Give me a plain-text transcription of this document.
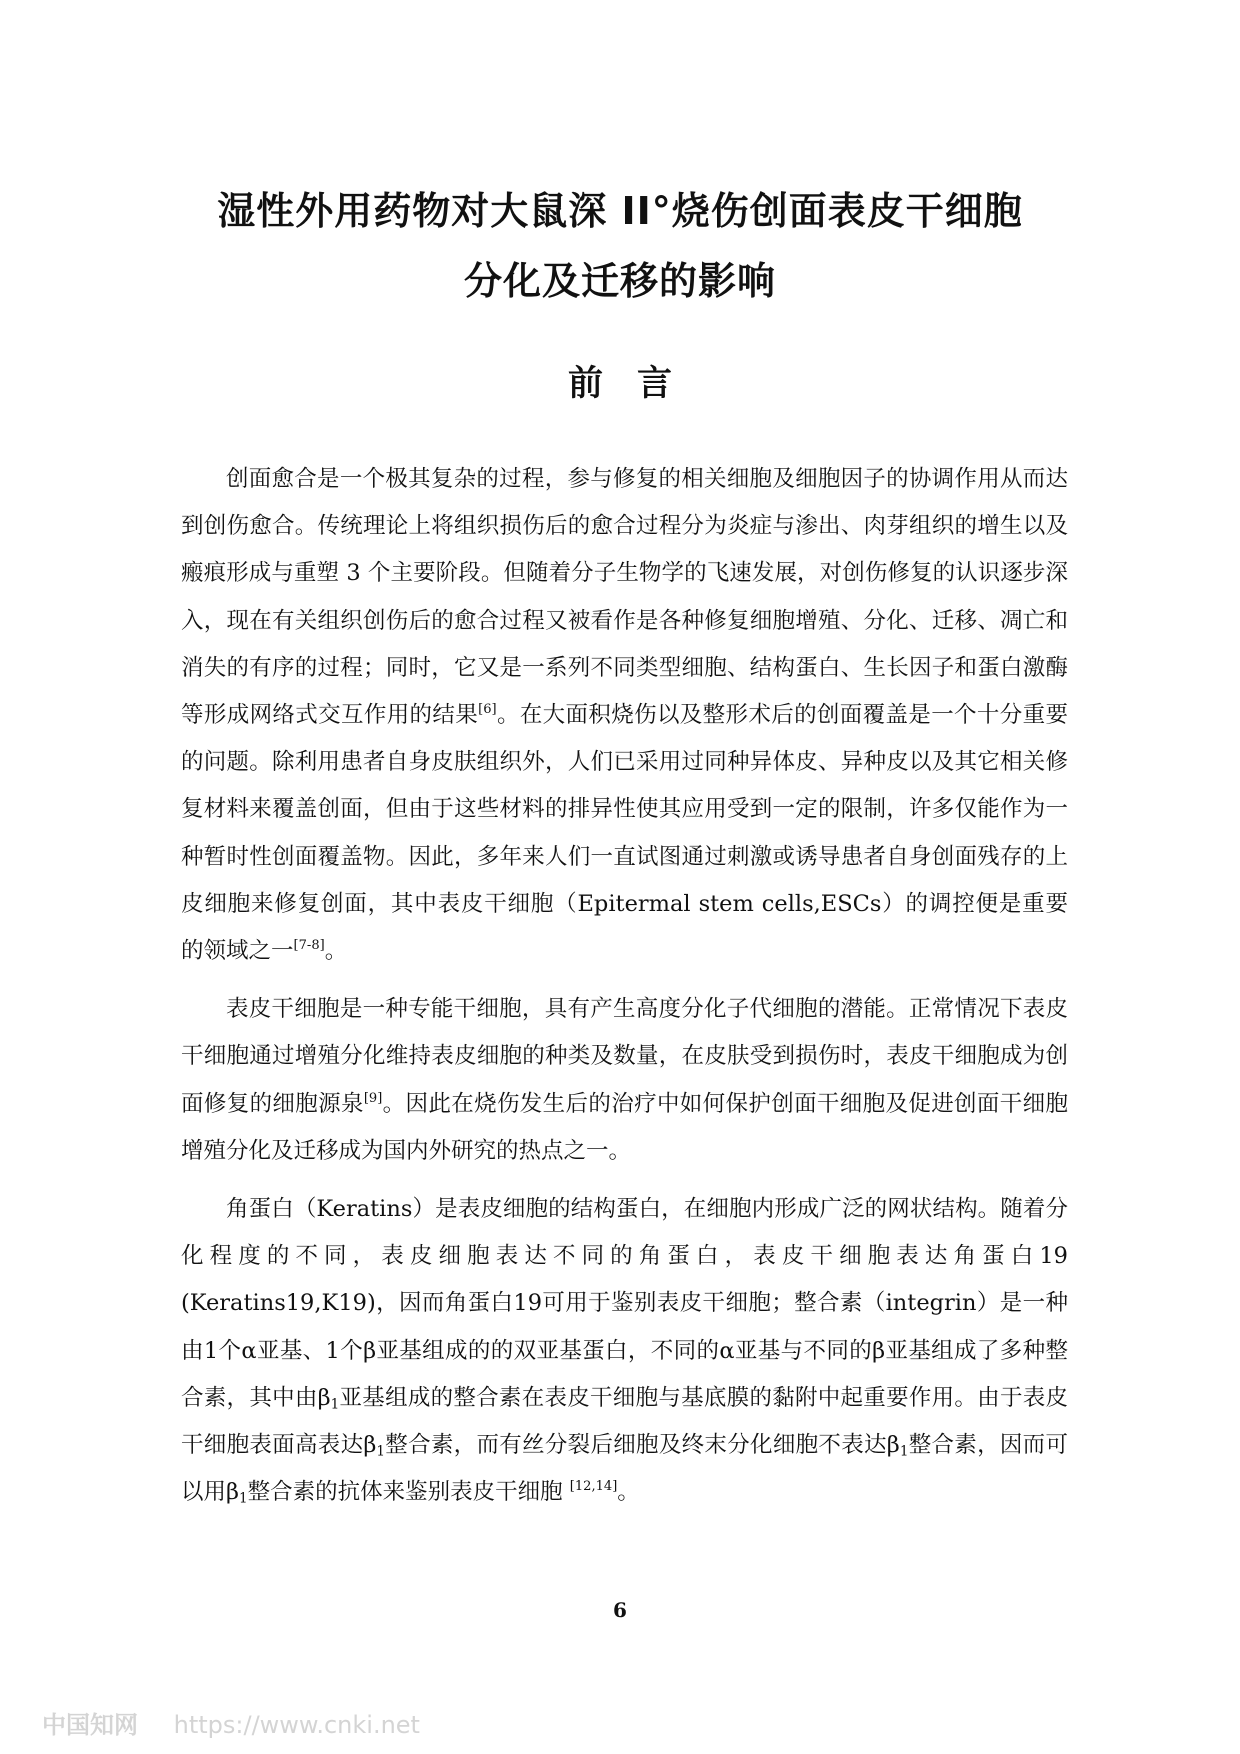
湿性外用药物对大鼠深 II°烧伤创面表皮干细胞
分化及迁移的影响
前言

创面愈合是一个极其复杂的过程，参与修复的相关细胞及细胞因子的协调作用从而达到创伤愈合。传统理论上将组织损伤后的愈合过程分为炎症与渗出、肉芽组织的增生以及瘢痕形成与重塑 3 个主要阶段。但随着分子生物学的飞速发展，对创伤修复的认识逐步深入，现在有关组织创伤后的愈合过程又被看作是各种修复细胞增殖、分化、迁移、凋亡和消失的有序的过程；同时，它又是一系列不同类型细胞、结构蛋白、生长因子和蛋白激酶等形成网络式交互作用的结果[6]。在大面积烧伤以及整形术后的创面覆盖是一个十分重要的问题。除利用患者自身皮肤组织外，人们已采用过同种异体皮、异种皮以及其它相关修复材料来覆盖创面，但由于这些材料的排异性使其应用受到一定的限制，许多仅能作为一种暂时性创面覆盖物。因此，多年来人们一直试图通过刺激或诱导患者自身创面残存的上皮细胞来修复创面，其中表皮干细胞（Epitermal stem cells,ESCs）的调控便是重要的领域之一[7-8]。

表皮干细胞是一种专能干细胞，具有产生高度分化子代细胞的潜能。正常情况下表皮干细胞通过增殖分化维持表皮细胞的种类及数量，在皮肤受到损伤时，表皮干细胞成为创面修复的细胞源泉[9]。因此在烧伤发生后的治疗中如何保护创面干细胞及促进创面干细胞增殖分化及迁移成为国内外研究的热点之一。

角蛋白（Keratins）是表皮细胞的结构蛋白，在细胞内形成广泛的网状结构。随着分化程度的不同，表皮细胞表达不同的角蛋白，表皮干细胞表达角蛋白19 (Keratins19,K19)，因而角蛋白19可用于鉴别表皮干细胞；整合素（integrin）是一种由1个α亚基、1个β亚基组成的的双亚基蛋白，不同的α亚基与不同的β亚基组成了多种整合素，其中由$\beta_1$亚基组成的整合素在表皮干细胞与基底膜的黏附中起重要作用。由于表皮干细胞表面高表达$\beta_1$整合素，而有丝分裂后细胞及终末分化细胞不表达$\beta_1$整合素，因而可以用$\beta_1$整合素的抗体来鉴别表皮干细胞 [12,14]。

6
中国知网 https://www.cnki.net
